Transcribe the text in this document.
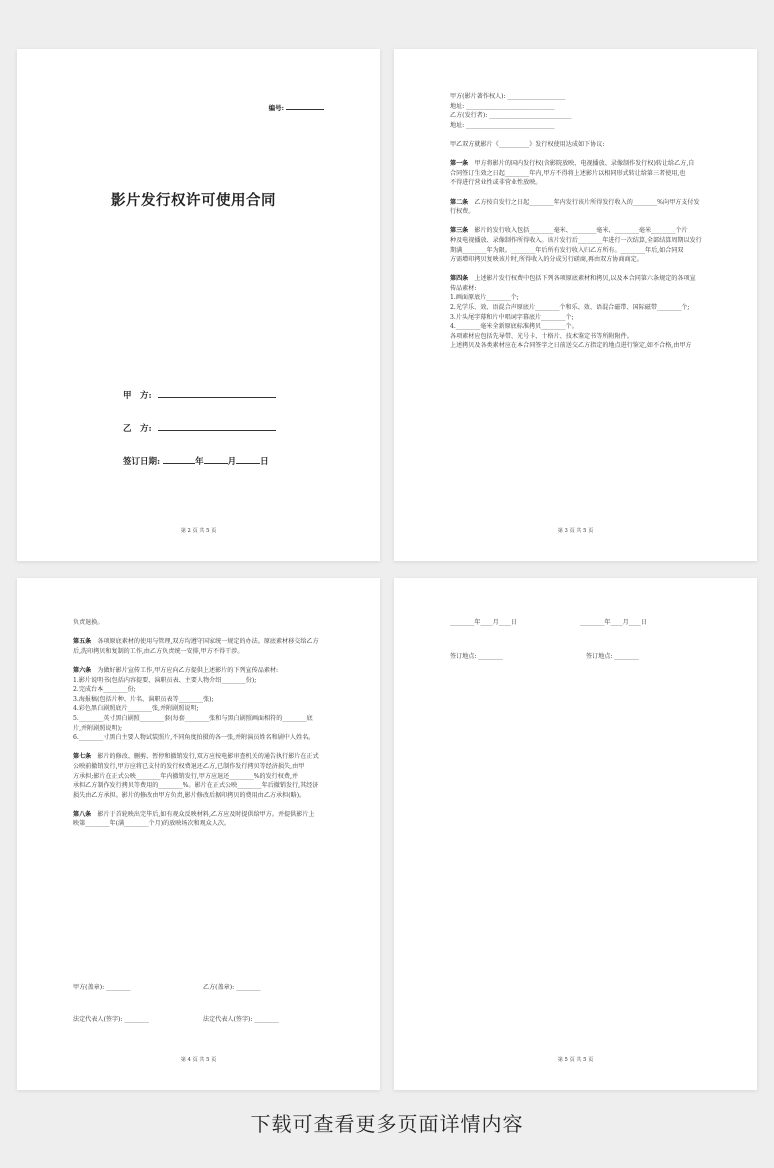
编号:
影片发行权许可使用合同
甲　方:
乙　方:
签订日期:	年	月	日
第 2 页 共 5 页

甲方(影片著作权人): ___________________

地址: _____________________________

乙方(发行者): ___________________________

地址: _____________________________

甲乙双方就影片《__________》发行权使用达成如下协议:

第一条　甲方将影片的国内发行权(含影院放映、电视播放、录像制作发行权)转让给乙方,自

合同签订生效之日起________年内,甲方不得将上述影片以相同形式转让给第三者使用,也

不得进行营业性或非营业性放映。

第二条　乙方按自发行之日起________年内发行该片所得发行收入的________%向甲方支付发

行权费。

第三条　影片的发行收入包括________毫米、________毫米、________毫米________个片

种及电视播放、录像制作所得收入。该片发行后________年进行一次结算,全部结算周期以发行

期满________年为限。________年后所有发行收入归乙方所有。________年后,如合同双

方需增印拷贝复映该片时,所得收入的分成另行磋商,再由双方协商商定。

第四条　上述影片发行权费中包括下列各项原底素材和拷贝,以及本合同第六条规定的各项宣

传品素材:

1.画面原底片________个;

2.光学乐、效、语混合声原底片________个和乐、效、语混合磁带、国际磁带________个;

3.片头尾字幕和片中唱词字幕底片________个;

4.________毫米全新原底标准拷贝________个。

各项素材应包括先导带、光号卡、十格片、技术鉴定书等所附附件。

上述拷贝及各类素材应在本合同签字之日前送交乙方指定的地点进行鉴定,如不合格,由甲方

第 3 页 共 5 页

负责退换。

第五条　各项原底素材的使用与管理,双方均遵守国家统一规定的办法。原底素材移交给乙方

后,洗印拷贝和复制的工作,由乙方负责统一安排,甲方不得干涉。

第六条　为做好影片宣传工作,甲方应向乙方提供上述影片的下列宣传品素材:

1.影片说明书(包括内容提要、演职员表、主要人物介绍________份);

2.完成台本________份;

3.海报稿(包括片种、片名、演职员表等________张);

4.彩色黑白剧照底片________张,并附剧照说明;

5.________英寸黑白剧照________套(每套________张和与黑白剧照画面相符的________底

片,并附剧照说明);

6.________寸黑白主要人物试装照片,不同角度拍摄的各一张,并附演员姓名和剧中人姓名。

第七条　影片的修改、删剪、暂停和撤销发行,双方应按电影审查机关的通告执行影片在正式

公映前撤销发行,甲方应将已支付的发行权费退还乙方,已制作发行拷贝等经济损失,由甲

方承担;影片在正式公映________年内撤销发行,甲方应退还________%的发行权费,并

承担乙方制作发行拷贝等费用的________%。影片在正式公映________年后撤销发行,其经济

损失由乙方承担。影片的修改由甲方负责,影片修改后据印拷贝的费用由乙方承担(略)。

第八条　影片于首轮映出完毕后,如有观众反映材料,乙方应及时提供给甲方。并提供影片上

映第________年(满________个月)的放映场次和观众人次。

甲方(盖章): ________	乙方(盖章): ________

法定代表人(签字): ________	法定代表人(签字): ________

第 4 页 共 5 页

________年____月____日	________年____月____日

签订地点: ________	签订地点: ________

第 5 页 共 5 页
下载可查看更多页面详情内容
